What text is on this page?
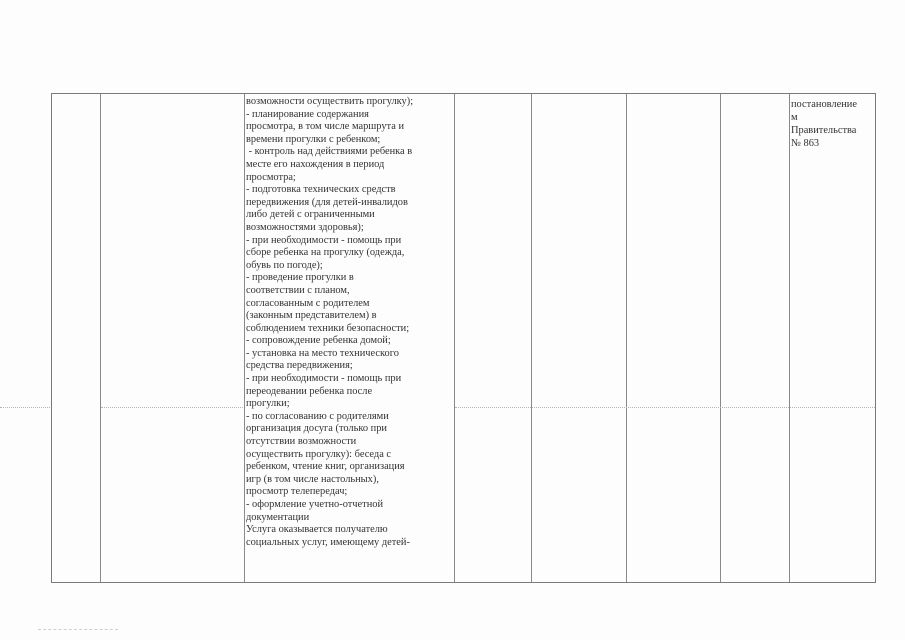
возможности осуществить прогулку);
- планирование содержания
просмотра, в том числе маршрута и
времени прогулки с ребенком;
- контроль над действиями ребенка в
месте его нахождения в период
просмотра;
- подготовка технических средств
передвижения (для детей-инвалидов
либо детей с ограниченными
возможностями здоровья);
- при необходимости - помощь при
сборе ребенка на прогулку (одежда,
обувь по погоде);
- проведение прогулки в
соответствии с планом,
согласованным с родителем
(законным представителем) в
соблюдением техники безопасности;
- сопровождение ребенка домой;
- установка на место технического
средства передвижения;
- при необходимости - помощь при
переодевании ребенка после
прогулки;
- по согласованию с родителями
организация досуга (только при
отсутствии возможности
осуществить прогулку): беседа с
ребенком, чтение книг, организация
игр (в том числе настольных),
просмотр телепередач;
- оформление учетно-отчетной
документации
Услуга оказывается получателю
социальных услуг, имеющему детей-
постановление
м
Правительства
№ 863
